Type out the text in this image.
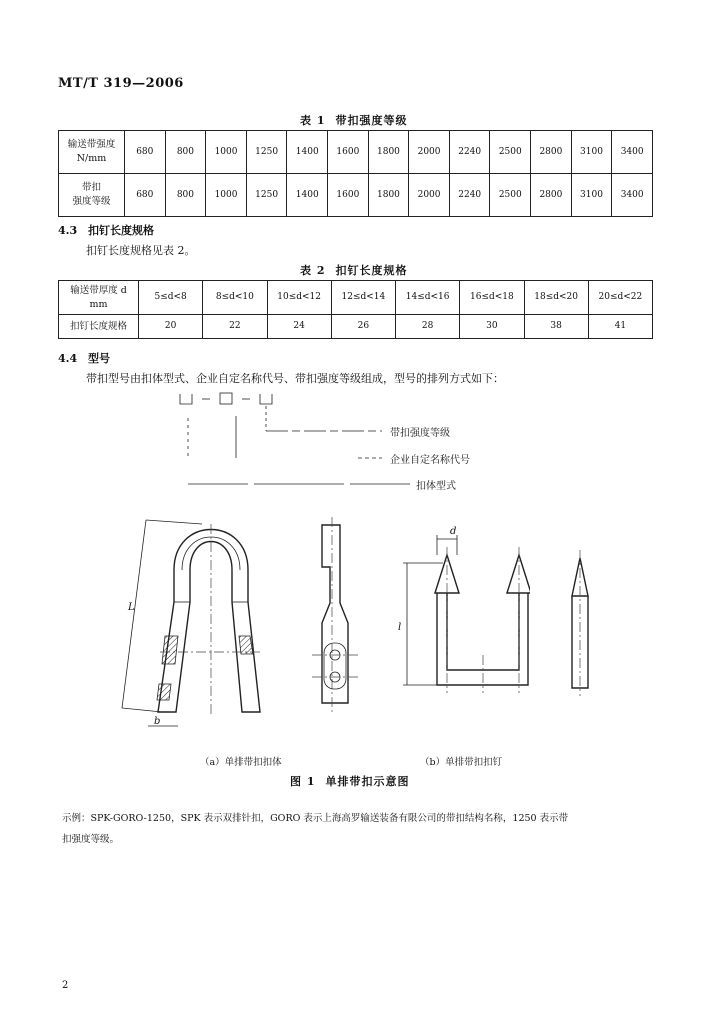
MT/T 319—2006
表 1 带扣强度等级
输送带强度
N/mm	680	800	1000	1250	1400	1600	1800	2000	2240	2500	2800	3100	3400

带扣
强度等级	680	800	1000	1250	1400	1600	1800	2000	2240	2500	2800	3100	3400
4.3 扣钉长度规格
扣钉长度规格见表 2。
表 2 扣钉长度规格
输送带厚度 d
mm	5≤d<8	8≤d<10	10≤d<12	12≤d<14	14≤d<16	16≤d<18	18≤d<20	20≤d<22
扣钉长度规格	20	22	24	26	28	30	38	41
4.4 型号
带扣型号由扣体型式、企业自定名称代号、带扣强度等级组成，型号的排列方式如下：
带扣强度等级
企业自定名称代号
扣体型式
L
b
d
l
（a）单排带扣扣体	（b）单排带扣扣钉
图 1 单排带扣示意图
示例：SPK-GORO-1250，SPK 表示双排针扣，GORO 表示上海高罗输送装备有限公司的带扣结构名称，1250 表示带
扣强度等级。
2
